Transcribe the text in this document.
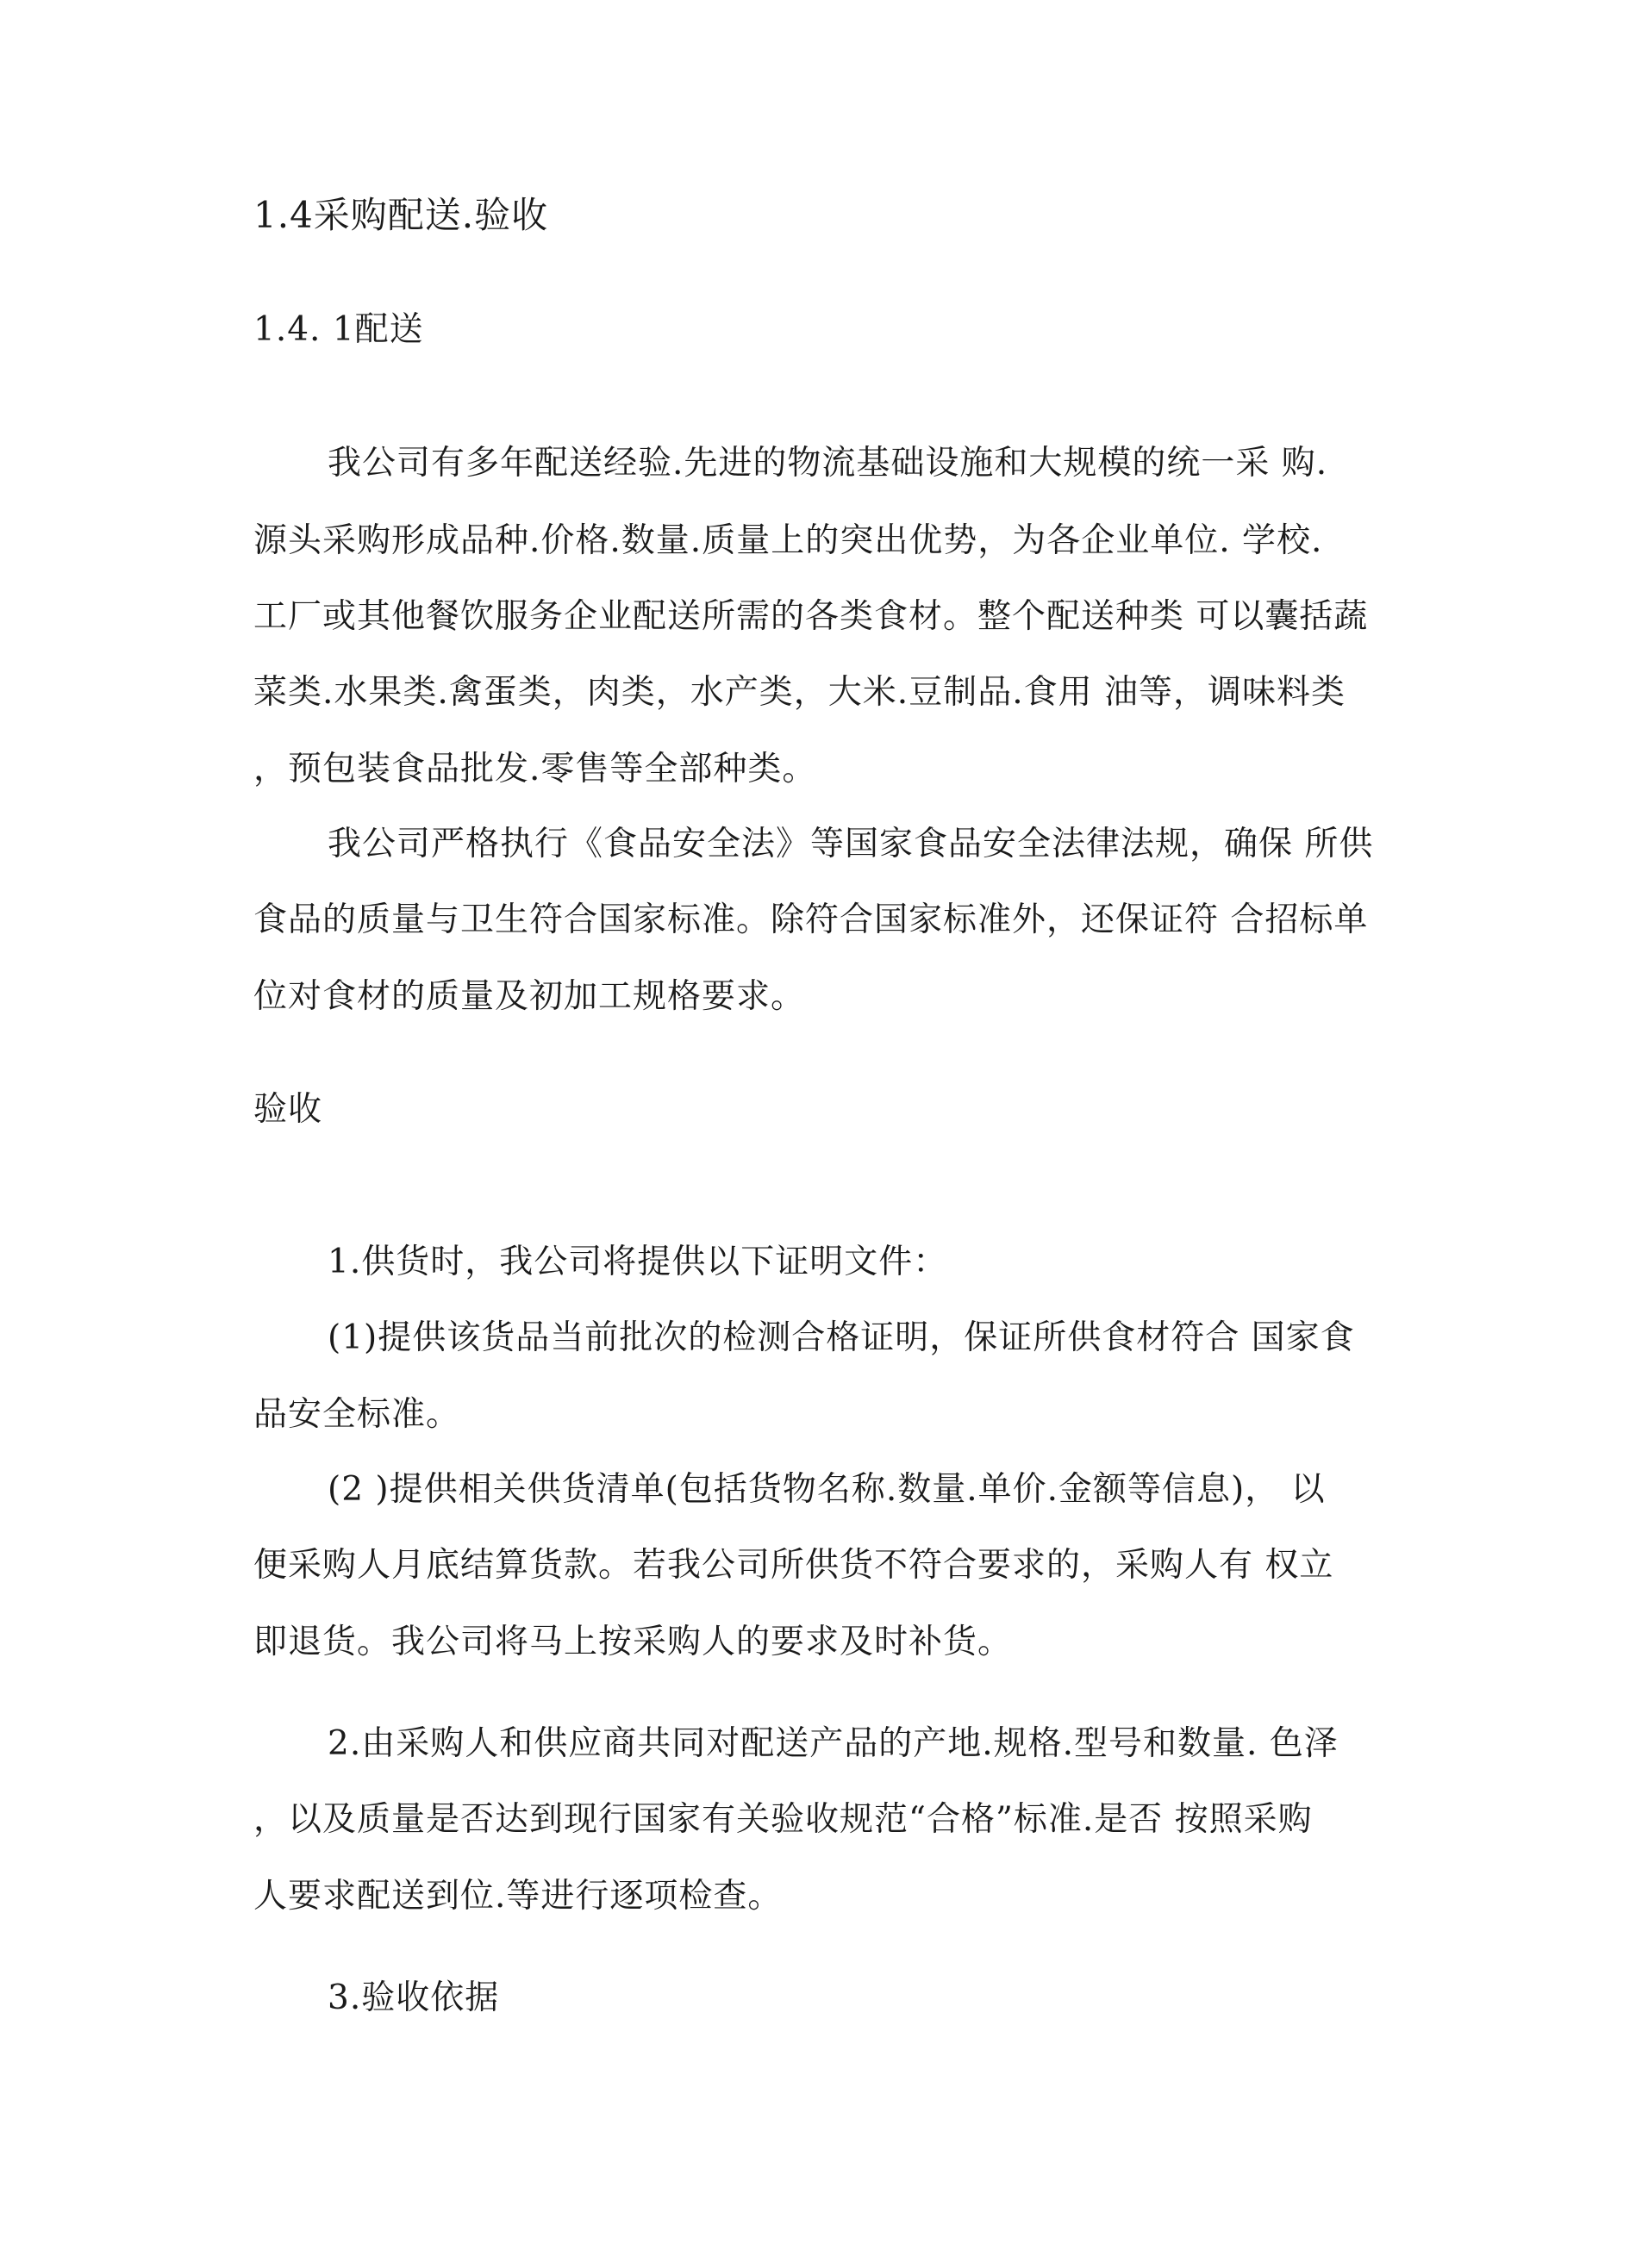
1.4采购配送.验收
1.4. 1配送
我公司有多年配送经验.先进的物流基础设施和大规模的统一采 购.
源头采购形成品种.价格.数量.质量上的突出优势，为各企业单位. 学校.
工厂或其他餐饮服务企业配送所需的各类食材。整个配送种类 可以囊括蔬
菜类.水果类.禽蛋类，肉类，水产类，大米.豆制品.食用 油等，调味料类
，预包装食品批发.零售等全部种类。
我公司严格执行《食品安全法》等国家食品安全法律法规，确保 所供
食品的质量与卫生符合国家标准。除符合国家标准外，还保证符 合招标单
位对食材的质量及初加工规格要求。
验收
1.供货时，我公司将提供以下证明文件：
(1)提供该货品当前批次的检测合格证明，保证所供食材符合 国家食
品安全标准。
(2 )提供相关供货清单(包括货物名称.数量.单价.金额等信息)， 以
便采购人月底结算货款。若我公司所供货不符合要求的，采购人有 权立
即退货。我公司将马上按采购人的要求及时补货。
2.由采购人和供应商共同对配送产品的产地.规格.型号和数量. 色泽
，以及质量是否达到现行国家有关验收规范“合格”标准.是否 按照采购
人要求配送到位.等进行逐项检查。
3.验收依据
